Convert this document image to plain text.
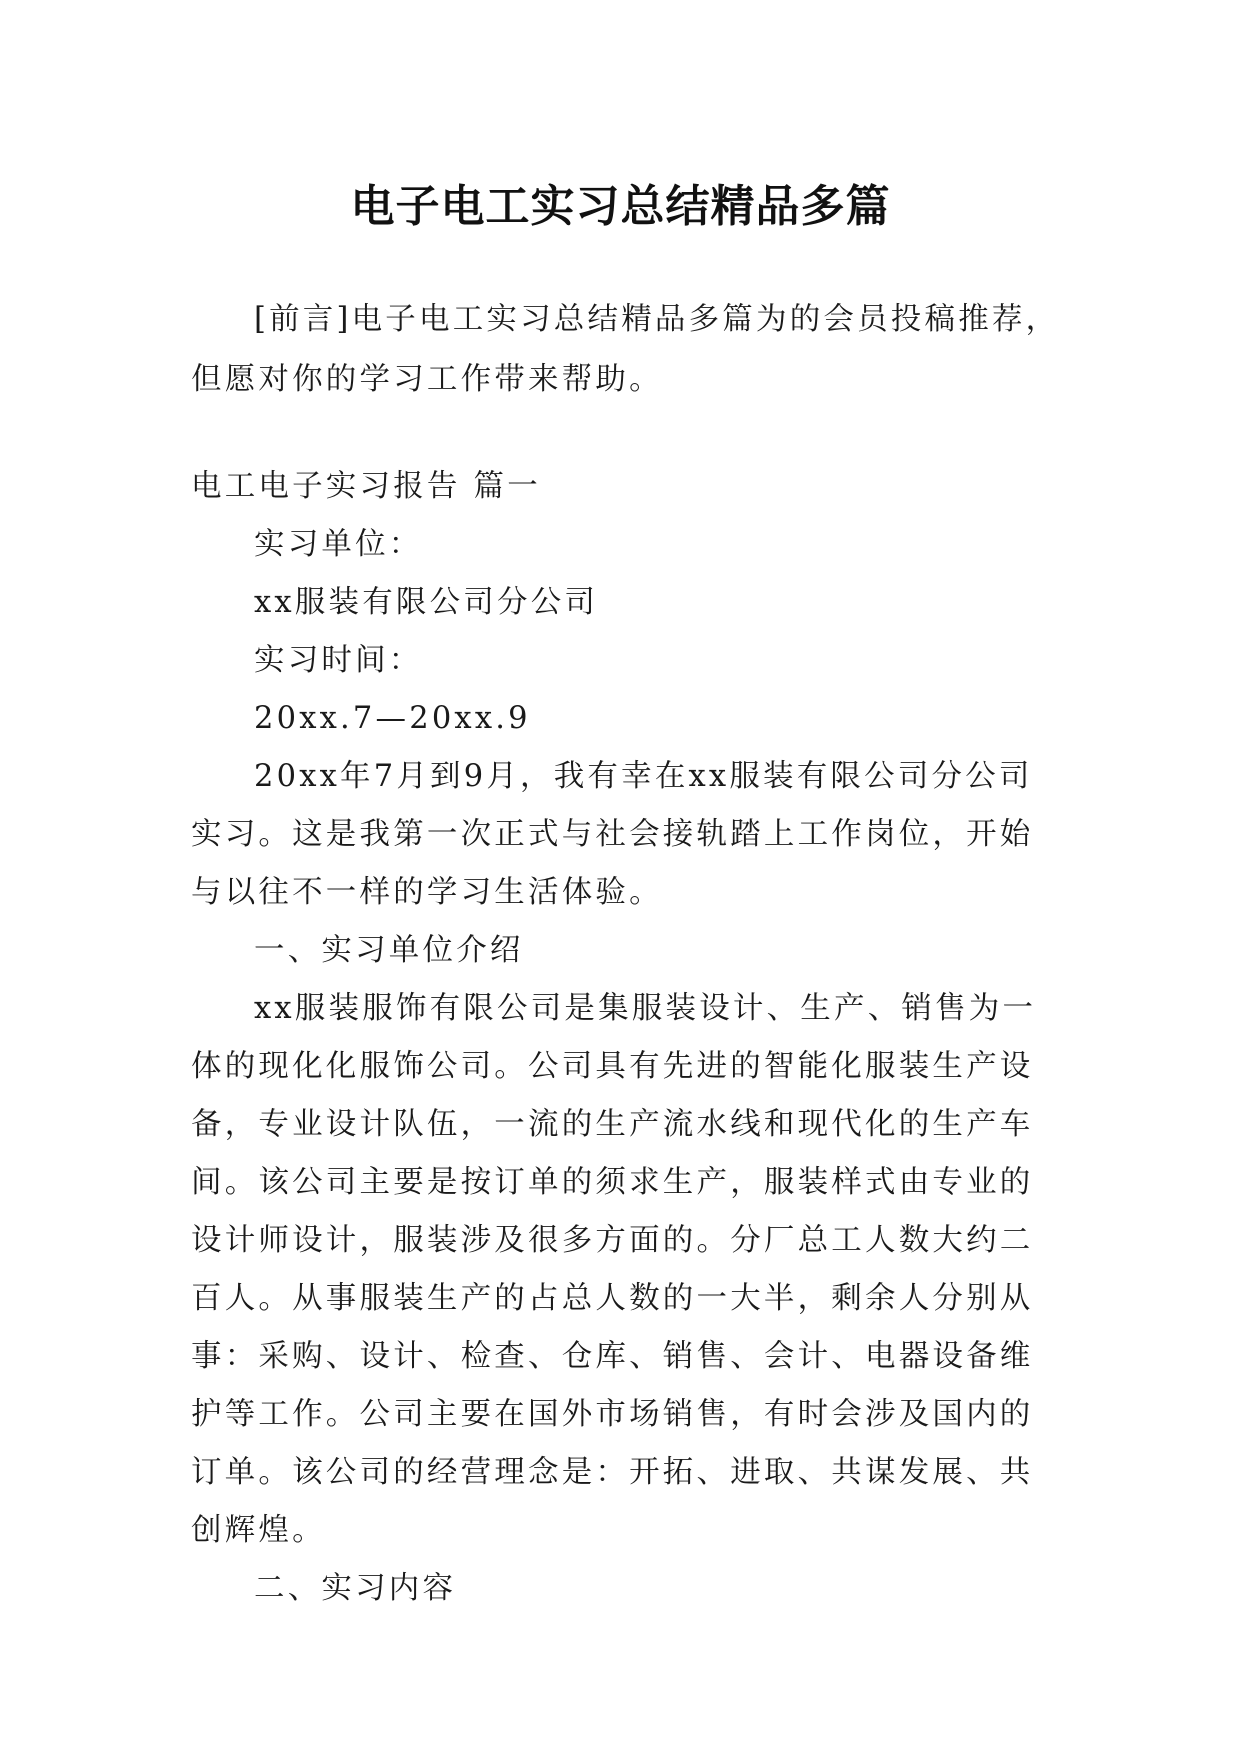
电子电工实习总结精品多篇

[前言]电子电工实习总结精品多篇为的会员投稿推荐，但愿对你的学习工作带来帮助。

电工电子实习报告 篇一

实习单位：

xx服装有限公司分公司

实习时间：

20xx.7—20xx.9

20xx年7月到9月，我有幸在xx服装有限公司分公司实习。这是我第一次正式与社会接轨踏上工作岗位，开始与以往不一样的学习生活体验。

一、实习单位介绍

xx服装服饰有限公司是集服装设计、生产、销售为一体的现化化服饰公司。公司具有先进的智能化服装生产设备，专业设计队伍，一流的生产流水线和现代化的生产车间。该公司主要是按订单的须求生产，服装样式由专业的设计师设计，服装涉及很多方面的。分厂总工人数大约二百人。从事服装生产的占总人数的一大半，剩余人分别从事：采购、设计、检查、仓库、销售、会计、电器设备维护等工作。公司主要在国外市场销售，有时会涉及国内的订单。该公司的经营理念是：开拓、进取、共谋发展、共创辉煌。

二、实习内容
